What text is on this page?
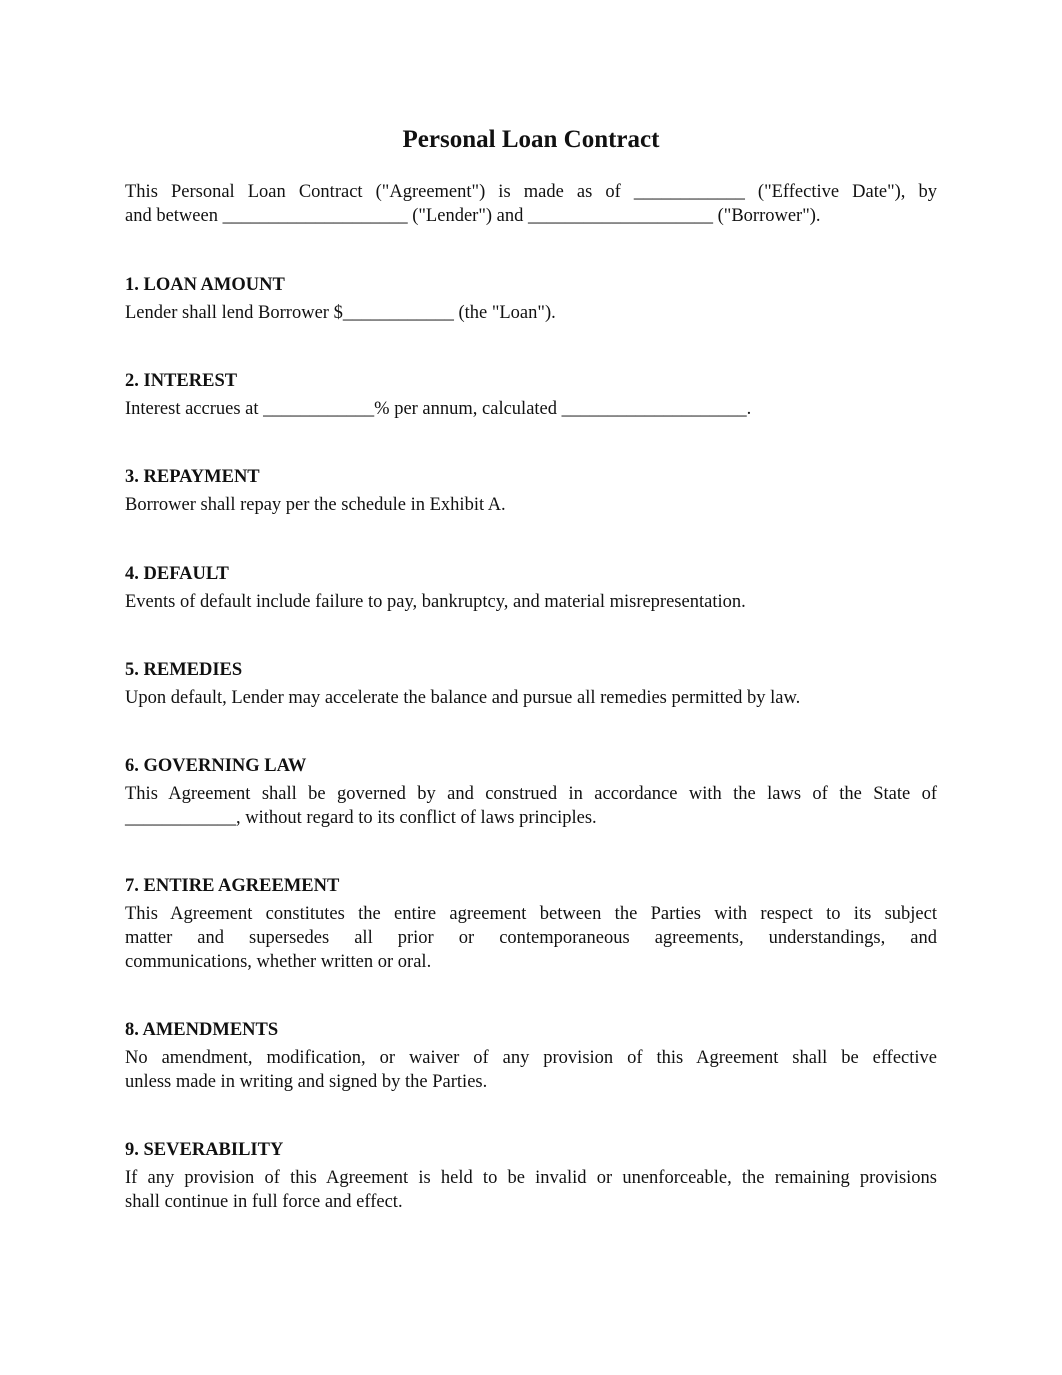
Personal Loan Contract

This Personal Loan Contract ("Agreement") is made as of ____________ ("Effective Date"), by
and between ____________________ ("Lender") and ____________________ ("Borrower").

1. LOAN AMOUNT

Lender shall lend Borrower $____________ (the "Loan").

2. INTEREST

Interest accrues at ____________% per annum, calculated ____________________.

3. REPAYMENT

Borrower shall repay per the schedule in Exhibit A.

4. DEFAULT

Events of default include failure to pay, bankruptcy, and material misrepresentation.

5. REMEDIES

Upon default, Lender may accelerate the balance and pursue all remedies permitted by law.

6. GOVERNING LAW

This Agreement shall be governed by and construed in accordance with the laws of the State of
____________, without regard to its conflict of laws principles.

7. ENTIRE AGREEMENT

This Agreement constitutes the entire agreement between the Parties with respect to its subject
matter and supersedes all prior or contemporaneous agreements, understandings, and
communications, whether written or oral.

8. AMENDMENTS

No amendment, modification, or waiver of any provision of this Agreement shall be effective
unless made in writing and signed by the Parties.

9. SEVERABILITY

If any provision of this Agreement is held to be invalid or unenforceable, the remaining provisions
shall continue in full force and effect.
